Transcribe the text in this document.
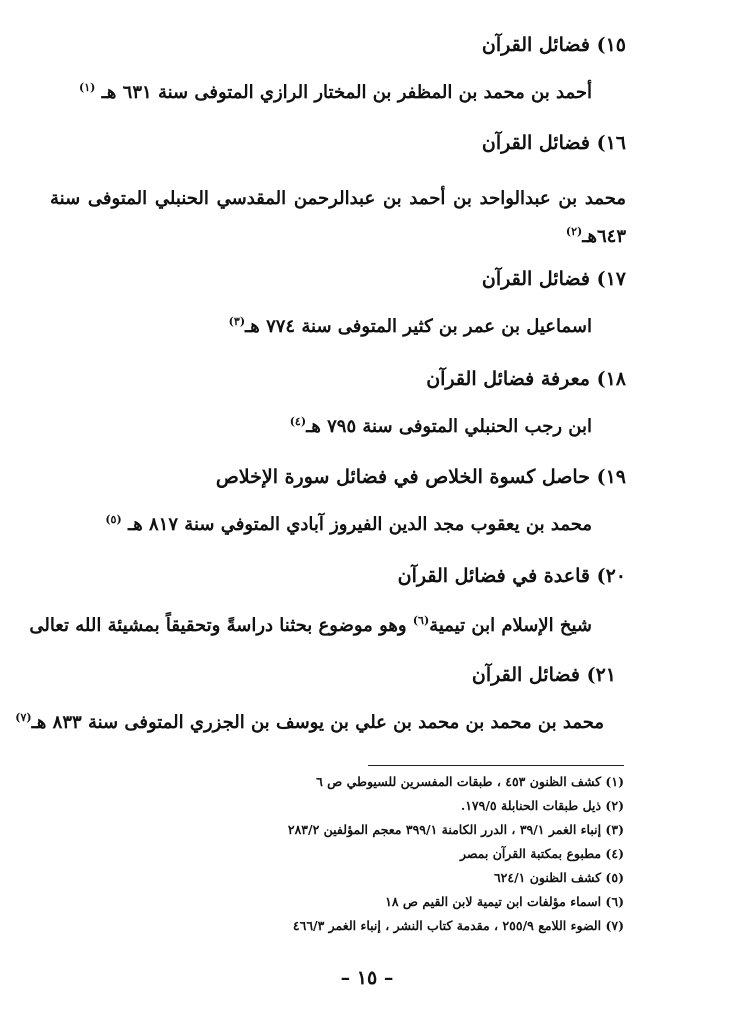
١٥) فضائل القرآن
أحمد بن محمد بن المظفر بن المختار الرازي المتوفى سنة ٦٣١ هـ $^{(١)}$
١٦) فضائل القرآن
محمد بن عبدالواحد بن أحمد بن عبدالرحمن المقدسي الحنبلي المتوفى سنة ٦٤٣هـ$^{(٢)}$
١٧) فضائل القرآن
اسماعيل بن عمر بن كثير المتوفى سنة ٧٧٤ هـ$^{(٣)}$
١٨) معرفة فضائل القرآن
ابن رجب الحنبلي المتوفى سنة ٧٩٥ هـ$^{(٤)}$
١٩) حاصل كسوة الخلاص في فضائل سورة الإخلاص
محمد بن يعقوب مجد الدين الفيروز آبادي المتوفي سنة ٨١٧ هـ $^{(٥)}$
٢٠) قاعدة في فضائل القرآن
شيخ الإسلام ابن تيمية$^{(٦)}$ وهو موضوع بحثنا دراسةً وتحقيقاً بمشيئة الله تعالى
٢١) فضائل القرآن
محمد بن محمد بن محمد بن علي بن يوسف بن الجزري المتوفى سنة ٨٣٣ هـ$^{(٧)}$
(١) كشف الظنون ٤٥٣ ، طبقات المفسرين للسيوطي ص ٦
(٢) ذيل طبقات الحنابلة ١٧٩/٥.
(٣) إنباء الغمر ٣٩/١ ، الدرر الكامنة ٣٩٩/١ معجم المؤلفين ٢٨٣/٢
(٤) مطبوع بمكتبة القرآن بمصر
(٥) كشف الظنون ٦٢٤/١
(٦) اسماء مؤلفات ابن تيمية لابن القيم ص ١٨
(٧) الضوء اللامع ٢٥٥/٩ ، مقدمة كتاب النشر ، إنباء الغمر ٤٦٦/٣
– ١٥ –
